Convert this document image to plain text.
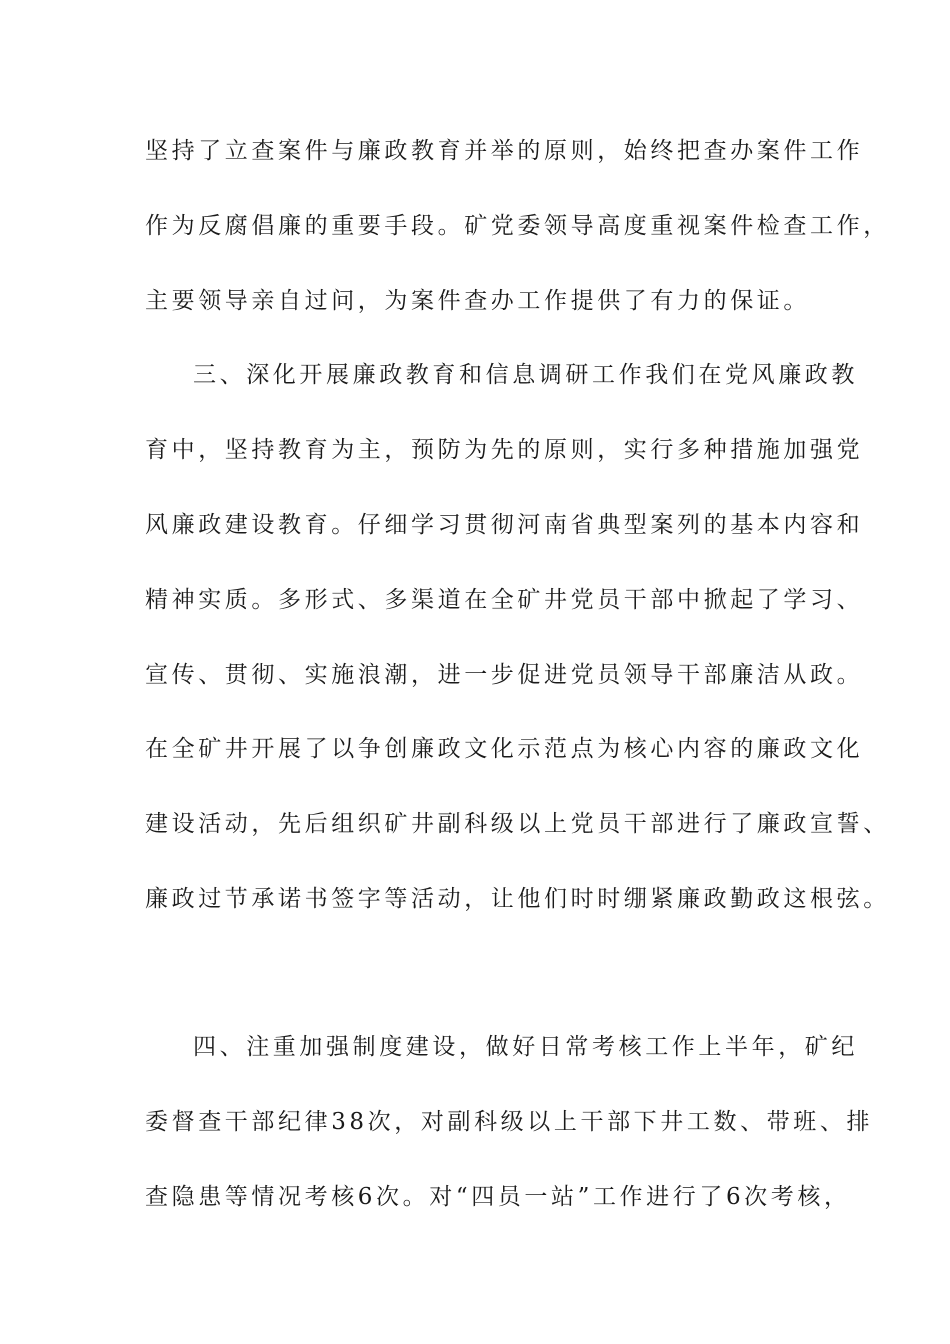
坚持了立查案件与廉政教育并举的原则，始终把查办案件工作

作为反腐倡廉的重要手段。矿党委领导高度重视案件检查工作，

主要领导亲自过问，为案件查办工作提供了有力的保证。

三、深化开展廉政教育和信息调研工作我们在党风廉政教

育中，坚持教育为主，预防为先的原则，实行多种措施加强党

风廉政建设教育。仔细学习贯彻河南省典型案列的基本内容和

精神实质。多形式、多渠道在全矿井党员干部中掀起了学习、

宣传、贯彻、实施浪潮，进一步促进党员领导干部廉洁从政。

在全矿井开展了以争创廉政文化示范点为核心内容的廉政文化

建设活动，先后组织矿井副科级以上党员干部进行了廉政宣誓、

廉政过节承诺书签字等活动，让他们时时绷紧廉政勤政这根弦。

四、注重加强制度建设，做好日常考核工作上半年，矿纪

委督查干部纪律38次，对副科级以上干部下井工数、带班、排

查隐患等情况考核6次。对“四员一站”工作进行了6次考核，
